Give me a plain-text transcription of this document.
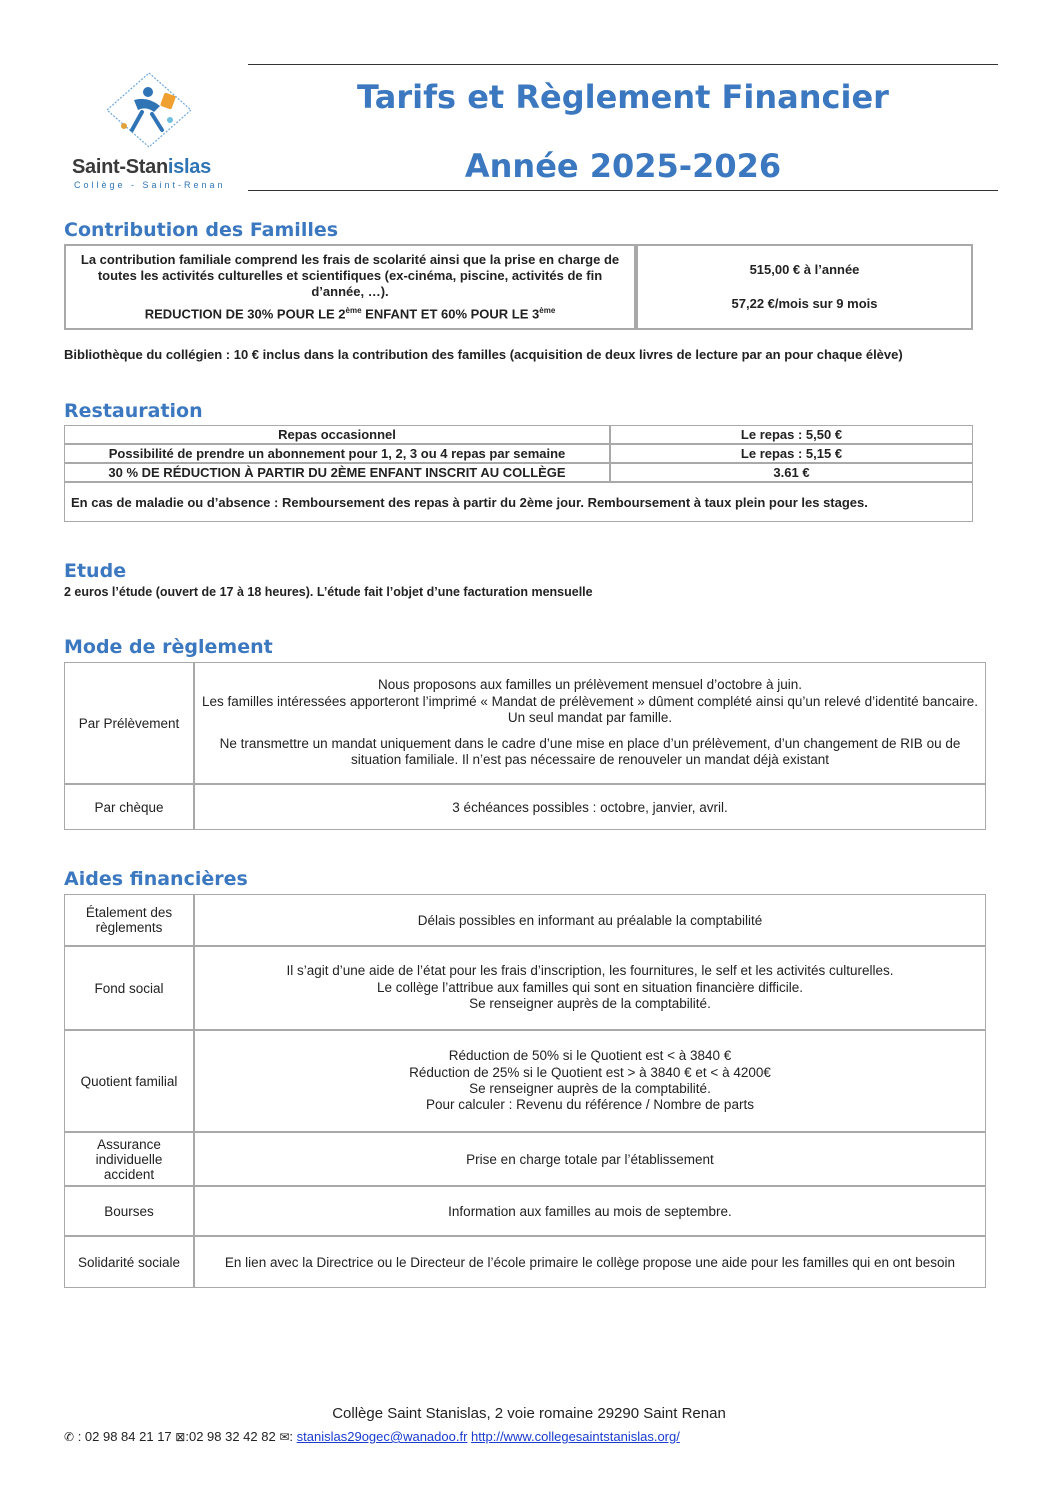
Saint-Stanislas
Collège - Saint-Renan
Tarifs et Règlement Financier
Année 2025-2026
Contribution des Familles

La contribution familiale comprend les frais de scolarité ainsi que la prise en charge de toutes les activités culturelles et scientifiques (ex-cinéma, piscine, activités de fin d’année, …).

REDUCTION DE 30% POUR LE 2ème ENFANT ET 60% POUR LE 3ème

515,00 € à l’année

57,22 €/mois sur 9 mois

Bibliothèque du collégien : 10 € inclus dans la contribution des familles (acquisition de deux livres de lecture par an pour chaque élève)

Restauration
Repas occasionnel	Le repas : 5,50 €
Possibilité de prendre un abonnement pour 1, 2, 3 ou 4 repas par semaine	Le repas : 5,15 €
30 % DE RÉDUCTION À PARTIR DU 2ÈME ENFANT INSCRIT AU COLLÈGE	3.61 €
En cas de maladie ou d’absence : Remboursement des repas à partir du 2ème jour. Remboursement à taux plein pour les stages.	
Etude

2 euros l’étude (ouvert de 17 à 18 heures). L’étude fait l’objet d’une facturation mensuelle

Mode de règlement
Par Prélèvement	Nous proposons aux familles un prélèvement mensuel d’octobre à juin.

Les familles intéressées apporteront l’imprimé « Mandat de prélèvement » dûment complété ainsi qu’un relevé d’identité bancaire. Un seul mandat par famille.

Ne transmettre un mandat uniquement dans le cadre d’une mise en place d’un prélèvement, d’un changement de RIB ou de situation familiale. Il n’est pas nécessaire de renouveler un mandat déjà existant

Par chèque	3 échéances possibles : octobre, janvier, avril.
Aides financières
Étalement des règlements	Délais possibles en informant au préalable la comptabilité
Fond social	Il s’agit d’une aide de l’état pour les frais d’inscription, les fournitures, le self et les activités culturelles.

Le collège l’attribue aux familles qui sont en situation financière difficile.

Se renseigner auprès de la comptabilité.

Quotient familial	Réduction de 50% si le Quotient est < à 3840 €

Réduction de 25% si le Quotient est > à 3840 € et < à 4200€

Se renseigner auprès de la comptabilité.

Pour calculer : Revenu du référence / Nombre de parts

Assurance individuelle accident	Prise en charge totale par l’établissement
Bourses	Information aux familles au mois de septembre.
Solidarité sociale	En lien avec la Directrice ou le Directeur de l’école primaire le collège propose une aide pour les familles qui en ont besoin
Collège Saint Stanislas, 2 voie romaine 29290 Saint Renan
✆ : 02 98 84 21 17 ⊠:02 98 32 42 82 ✉: stanislas29ogec@wanadoo.fr http://www.collegesaintstanislas.org/
